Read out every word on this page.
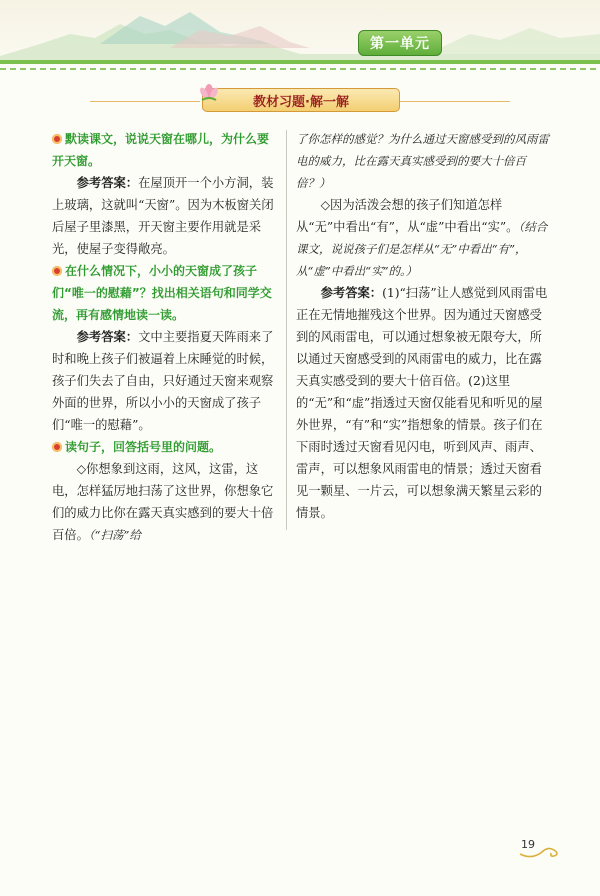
第一单元
教材习题·解一解
默读课文，说说天窗在哪儿，为什么要开天窗。

参考答案：在屋顶开一个小方洞，装上玻璃，这就叫“天窗”。因为木板窗关闭后屋子里漆黑，开天窗主要作用就是采光，使屋子变得敞亮。

在什么情况下，小小的天窗成了孩子们“唯一的慰藉”？找出相关语句和同学交流，再有感情地读一读。

参考答案：文中主要指夏天阵雨来了时和晚上孩子们被逼着上床睡觉的时候，孩子们失去了自由，只好通过天窗来观察外面的世界，所以小小的天窗成了孩子们“唯一的慰藉”。

读句子，回答括号里的问题。

◇你想象到这雨，这风，这雷，这电，怎样猛厉地扫荡了这世界，你想象它们的威力比你在露天真实感到的要大十倍百倍。（“扫荡”给

了你怎样的感觉？为什么通过天窗感受到的风雨雷电的威力，比在露天真实感受到的要大十倍百倍？）

◇因为活泼会想的孩子们知道怎样从“无”中看出“有”，从“虚”中看出“实”。（结合课文，说说孩子们是怎样从“无”中看出“有”，从“虚”中看出“实”的。）

参考答案：(1)“扫荡”让人感觉到风雨雷电正在无情地摧残这个世界。因为通过天窗感受到的风雨雷电，可以通过想象被无限夸大，所以通过天窗感受到的风雨雷电的威力，比在露天真实感受到的要大十倍百倍。(2)这里的“无”和“虚”指透过天窗仅能看见和听见的屋外世界，“有”和“实”指想象的情景。孩子们在下雨时透过天窗看见闪电，听到风声、雨声、雷声，可以想象风雨雷电的情景；透过天窗看见一颗星、一片云，可以想象满天繁星云彩的情景。

19
